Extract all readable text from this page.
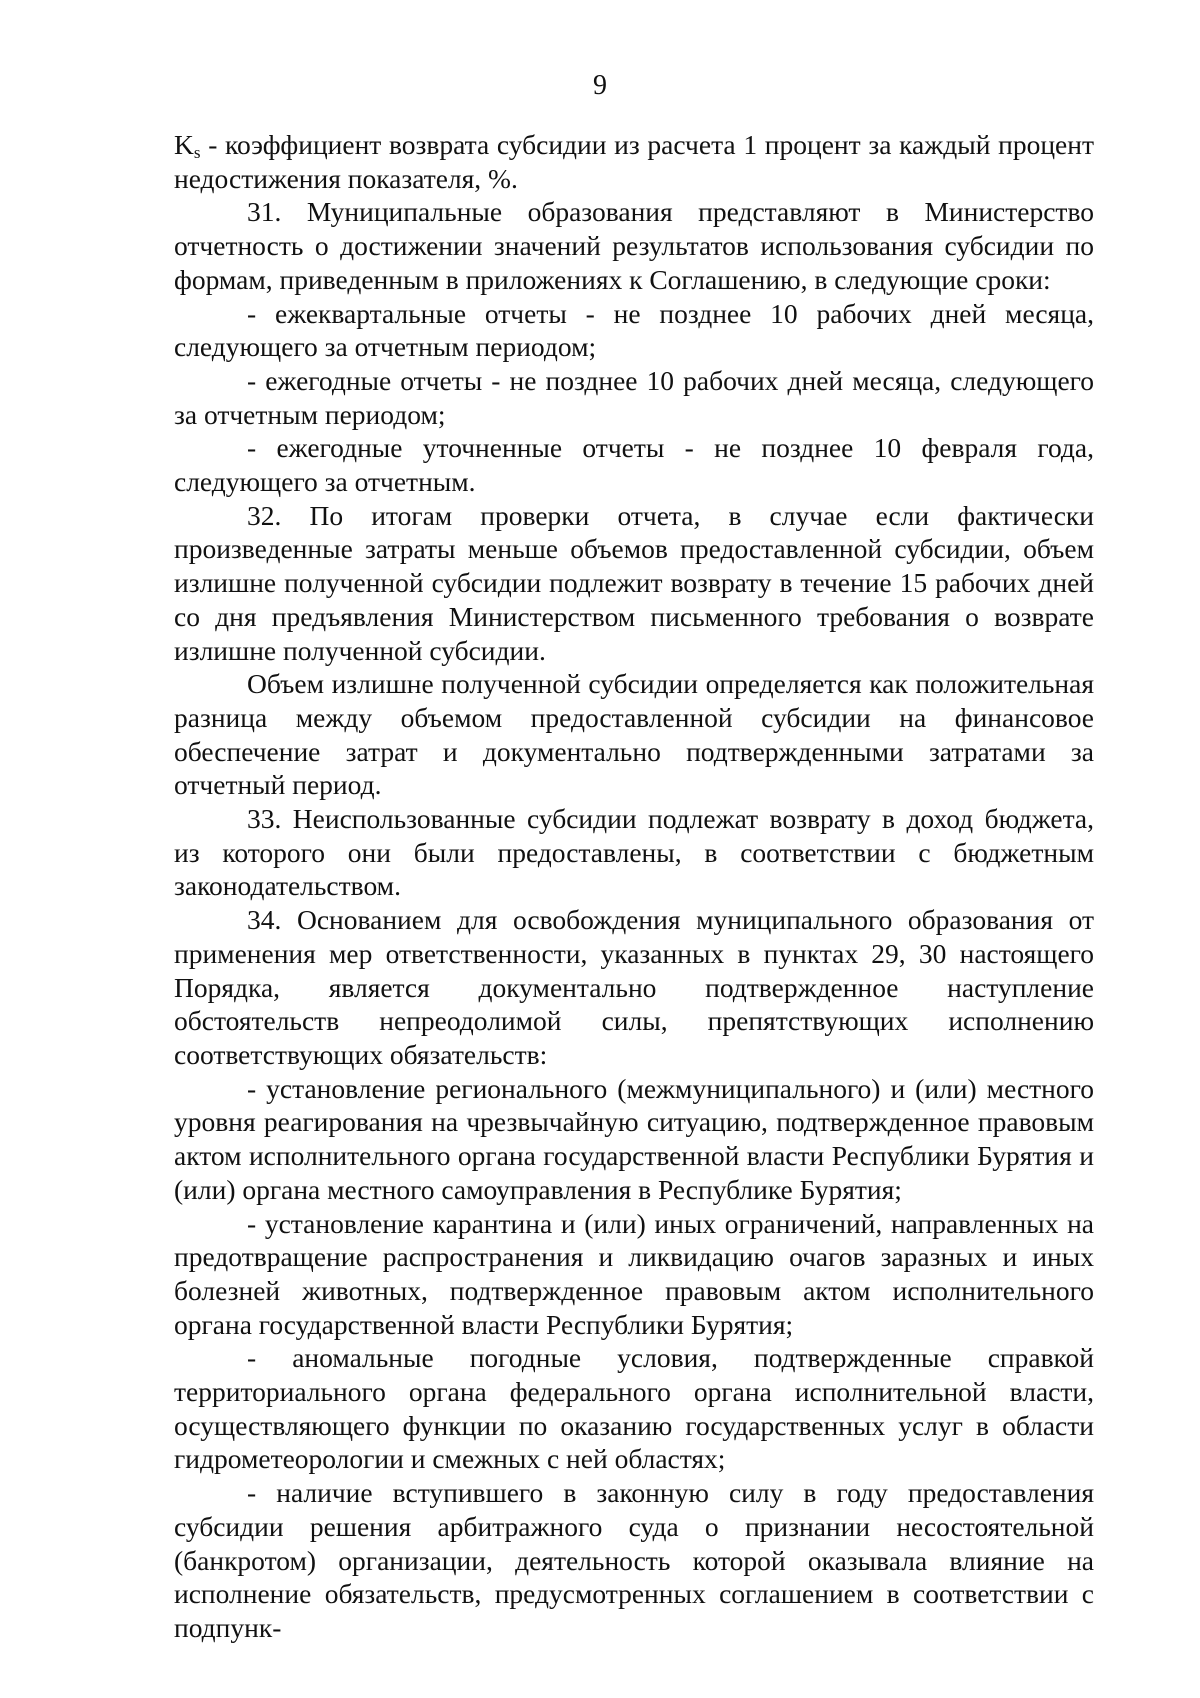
9

$K_s$ - коэффициент возврата субсидии из расчета 1 процент за каждый процент недостижения показателя, %.

31. Муниципальные образования представляют в Министерство отчетность о достижении значений результатов использования субсидии по формам, приведенным в приложениях к Соглашению, в следующие сроки:

- ежеквартальные отчеты - не позднее 10 рабочих дней месяца, следующего за отчетным периодом;

- ежегодные отчеты - не позднее 10 рабочих дней месяца, следующего за отчетным периодом;

- ежегодные уточненные отчеты - не позднее 10 февраля года, следующего за отчетным.

32. По итогам проверки отчета, в случае если фактически произведенные затраты меньше объемов предоставленной субсидии, объем излишне полученной субсидии подлежит возврату в течение 15 рабочих дней со дня предъявления Министерством письменного требования о возврате излишне полученной субсидии.

Объем излишне полученной субсидии определяется как положительная разница между объемом предоставленной субсидии на финансовое обеспечение затрат и документально подтвержденными затратами за отчетный период.

33. Неиспользованные субсидии подлежат возврату в доход бюджета, из которого они были предоставлены, в соответствии с бюджетным законодательством.

34. Основанием для освобождения муниципального образования от применения мер ответственности, указанных в пунктах 29, 30 настоящего Порядка, является документально подтвержденное наступление обстоятельств непреодолимой силы, препятствующих исполнению соответствующих обязательств:

- установление регионального (межмуниципального) и (или) местного уровня реагирования на чрезвычайную ситуацию, подтвержденное правовым актом исполнительного органа государственной власти Республики Бурятия и (или) органа местного самоуправления в Республике Бурятия;

- установление карантина и (или) иных ограничений, направленных на предотвращение распространения и ликвидацию очагов заразных и иных болезней животных, подтвержденное правовым актом исполнительного органа государственной власти Республики Бурятия;

- аномальные погодные условия, подтвержденные справкой территориального органа федерального органа исполнительной власти, осуществляющего функции по оказанию государственных услуг в области гидрометеорологии и смежных с ней областях;

- наличие вступившего в законную силу в году предоставления субсидии решения арбитражного суда о признании несостоятельной (банкротом) организации, деятельность которой оказывала влияние на исполнение обязательств, предусмотренных соглашением в соответствии с подпунк-
